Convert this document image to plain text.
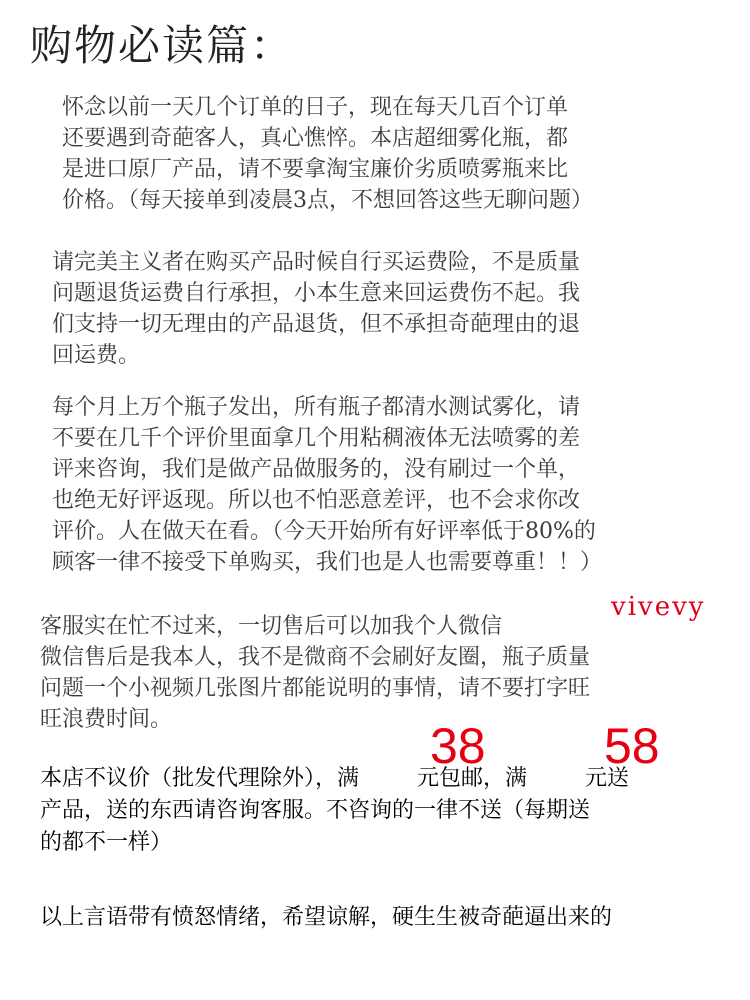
购物必读篇：
怀念以前一天几个订单的日子，现在每天几百个订单
还要遇到奇葩客人，真心憔悴。本店超细雾化瓶，都
是进口原厂产品，请不要拿淘宝廉价劣质喷雾瓶来比
价格。（每天接单到凌晨3点，不想回答这些无聊问题）
请完美主义者在购买产品时候自行买运费险，不是质量
问题退货运费自行承担，小本生意来回运费伤不起。我
们支持一切无理由的产品退货，但不承担奇葩理由的退
回运费。
每个月上万个瓶子发出，所有瓶子都清水测试雾化，请
不要在几千个评价里面拿几个用粘稠液体无法喷雾的差
评来咨询，我们是做产品做服务的，没有刷过一个单，
也绝无好评返现。所以也不怕恶意差评，也不会求你改
评价。人在做天在看。（今天开始所有好评率低于80%的
顾客一律不接受下单购买，我们也是人也需要尊重！！）
客服实在忙不过来，一切售后可以加我个人微信
微信售后是我本人，我不是微商不会刷好友圈，瓶子质量
问题一个小视频几张图片都能说明的事情，请不要打字旺
旺浪费时间。
vivevy
38 58
本店不议价（批发代理除外），满	元包邮，满	元送
产品，送的东西请咨询客服。不咨询的一律不送（每期送
的都不一样）
以上言语带有愤怒情绪，希望谅解，硬生生被奇葩逼出来的
